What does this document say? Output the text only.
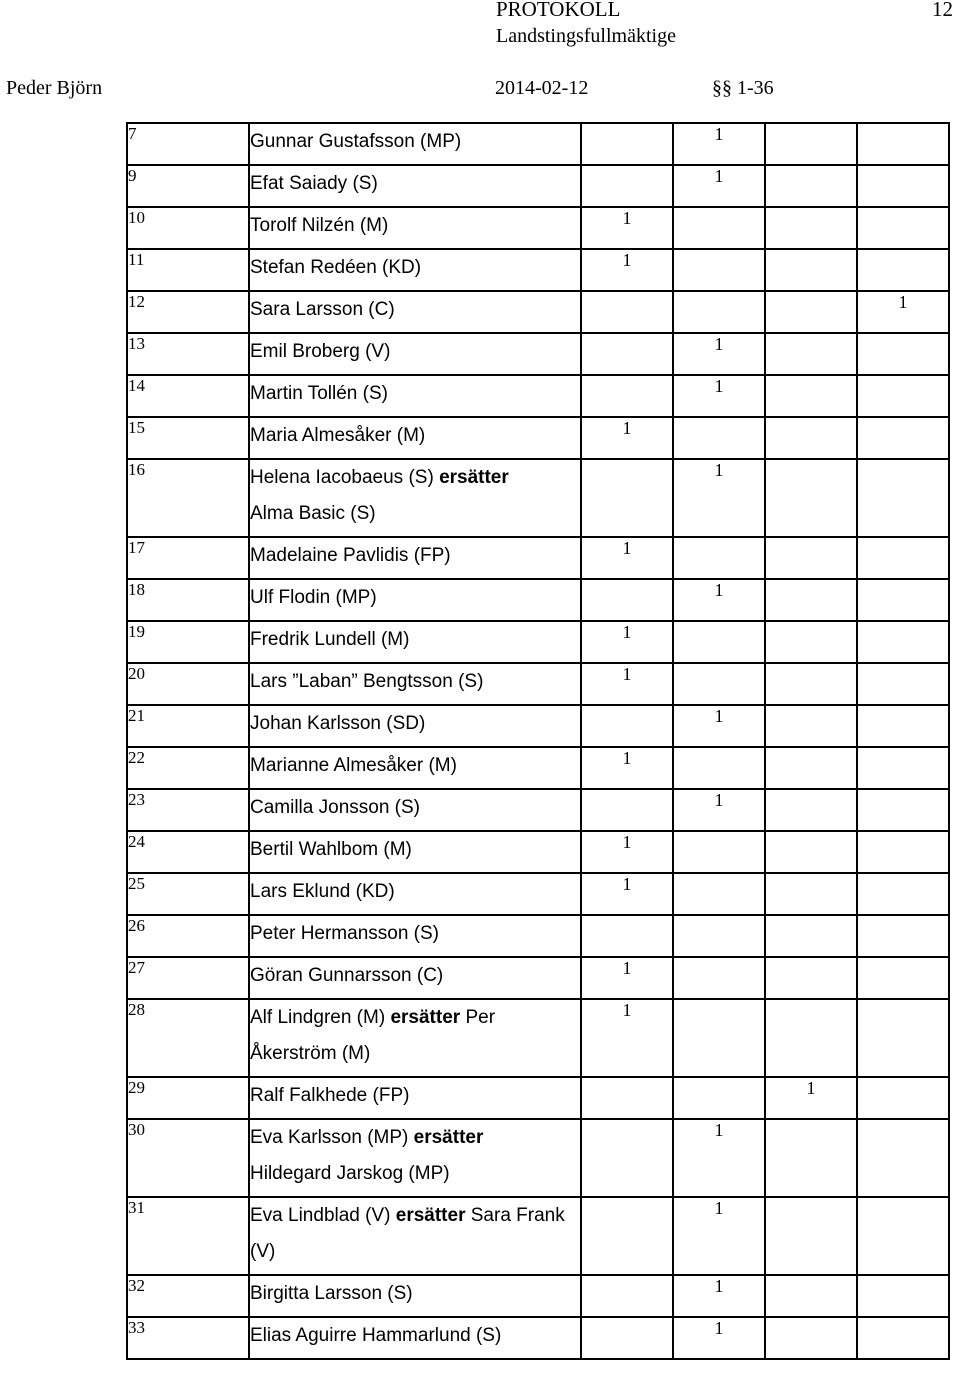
PROTOKOLL
Landstingsfullmäktige
12
Peder Björn	2014-02-12	§§ 1-36
7	Gunnar Gustafsson (MP)		1		
9	Efat Saiady (S)		1		
10	Torolf Nilzén (M)	1			
11	Stefan Redéen (KD)	1			
12	Sara Larsson (C)				1
13	Emil Broberg (V)		1		
14	Martin Tollén (S)		1		
15	Maria Almesåker (M)	1			
16	Helena Iacobaeus (S) ersätter
Alma Basic (S)		1		
17	Madelaine Pavlidis (FP)	1			
18	Ulf Flodin (MP)		1		
19	Fredrik Lundell (M)	1			
20	Lars ”Laban” Bengtsson (S)	1			
21	Johan Karlsson (SD)		1		
22	Marianne Almesåker (M)	1			
23	Camilla Jonsson (S)		1		
24	Bertil Wahlbom (M)	1			
25	Lars Eklund (KD)	1			
26	Peter Hermansson (S)				
27	Göran Gunnarsson (C)	1			
28	Alf Lindgren (M) ersätter Per Åkerström (M)	1			
29	Ralf Falkhede (FP)			1	
30	Eva Karlsson (MP) ersätter
Hildegard Jarskog (MP)		1		
31	Eva Lindblad (V) ersätter Sara Frank (V)		1		
32	Birgitta Larsson (S)		1		
33	Elias Aguirre Hammarlund (S)		1		
